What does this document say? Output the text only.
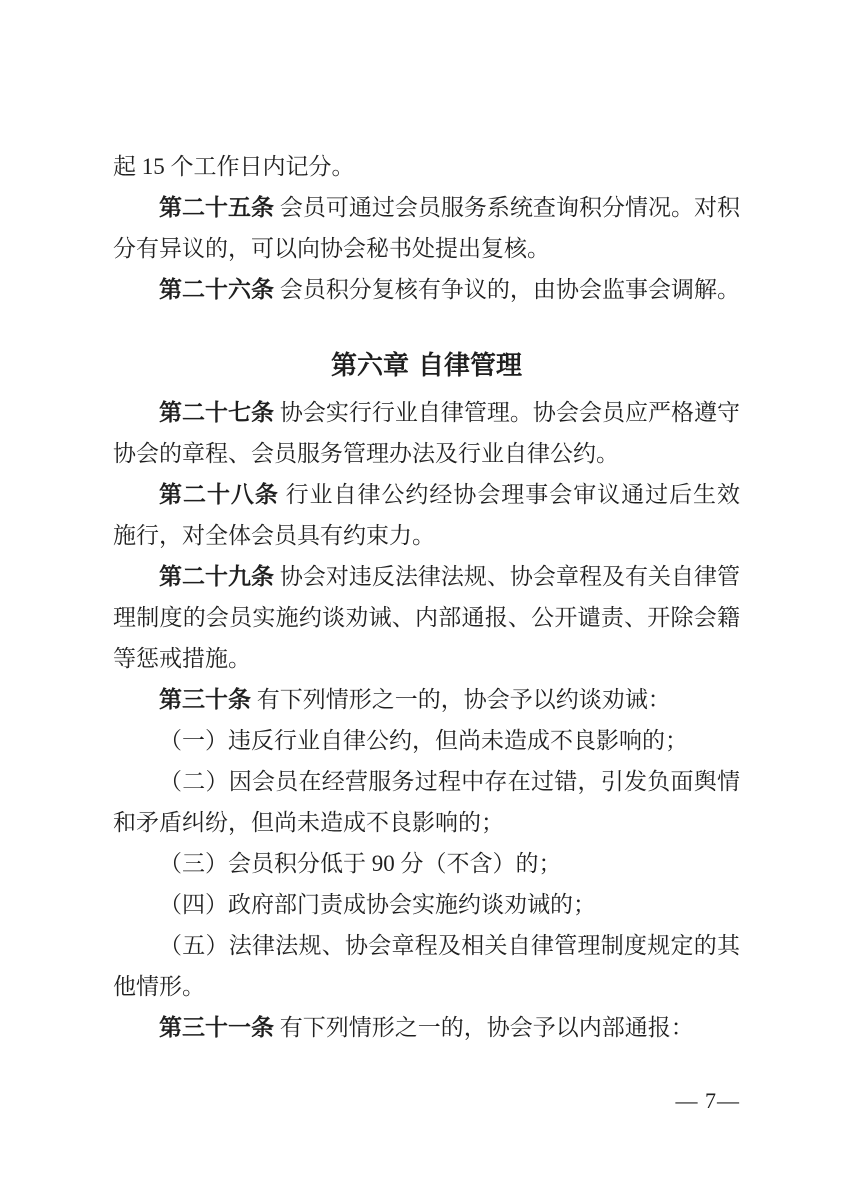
起 15 个工作日内记分。
第二十五条 会员可通过会员服务系统查询积分情况。对积
分有异议的，可以向协会秘书处提出复核。
第二十六条 会员积分复核有争议的，由协会监事会调解。
第六章 自律管理
第二十七条 协会实行行业自律管理。协会会员应严格遵守
协会的章程、会员服务管理办法及行业自律公约。
第二十八条 行业自律公约经协会理事会审议通过后生效
施行，对全体会员具有约束力。
第二十九条 协会对违反法律法规、协会章程及有关自律管
理制度的会员实施约谈劝诫、内部通报、公开谴责、开除会籍
等惩戒措施。
第三十条 有下列情形之一的，协会予以约谈劝诫：
（一）违反行业自律公约，但尚未造成不良影响的；
（二）因会员在经营服务过程中存在过错，引发负面舆情
和矛盾纠纷，但尚未造成不良影响的；
（三）会员积分低于 90 分（不含）的；
（四）政府部门责成协会实施约谈劝诫的；
（五）法律法规、协会章程及相关自律管理制度规定的其
他情形。
第三十一条 有下列情形之一的，协会予以内部通报：
— 7—
